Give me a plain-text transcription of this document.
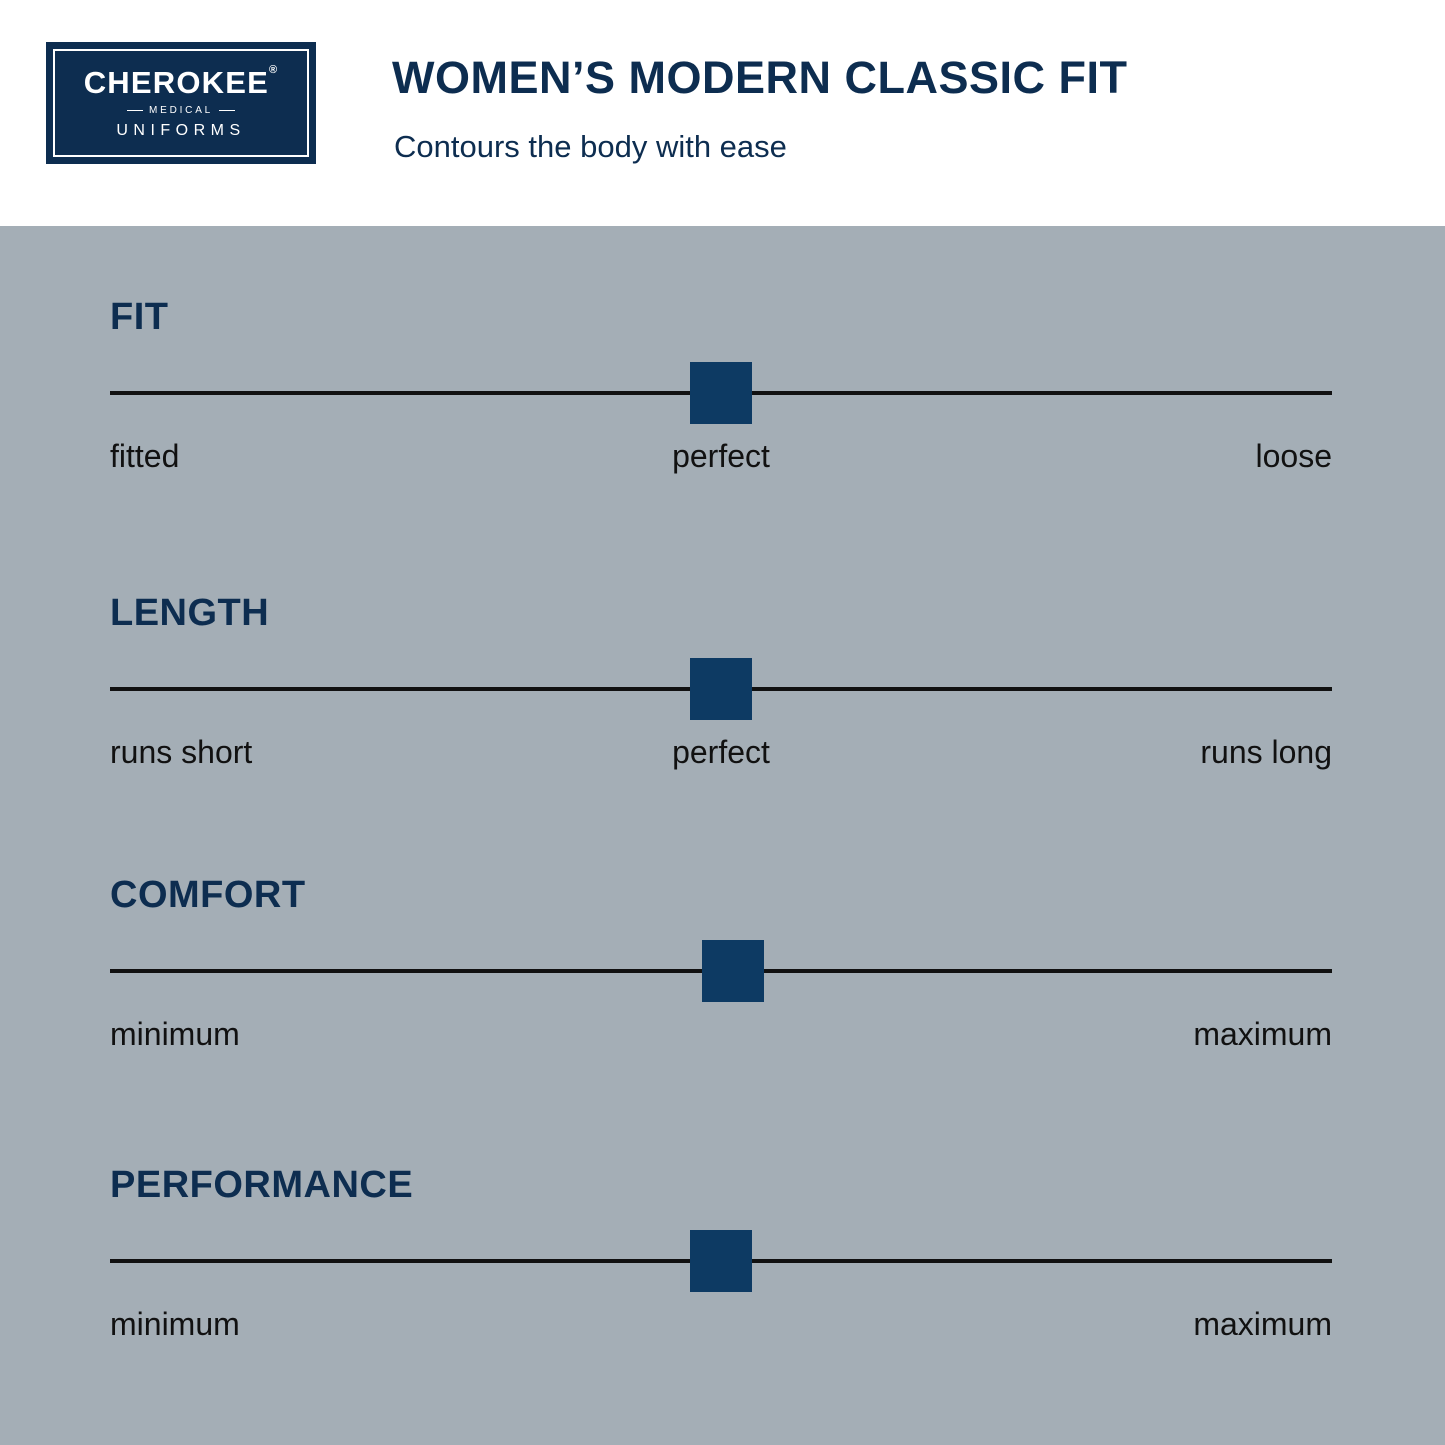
CHEROKEE®
MEDICAL
UNIFORMS
WOMEN’S MODERN CLASSIC FIT
Contours the body with ease
FIT
fitted	perfect	loose
LENGTH
runs short	perfect	runs long
COMFORT
minimum	maximum
PERFORMANCE
minimum	maximum
